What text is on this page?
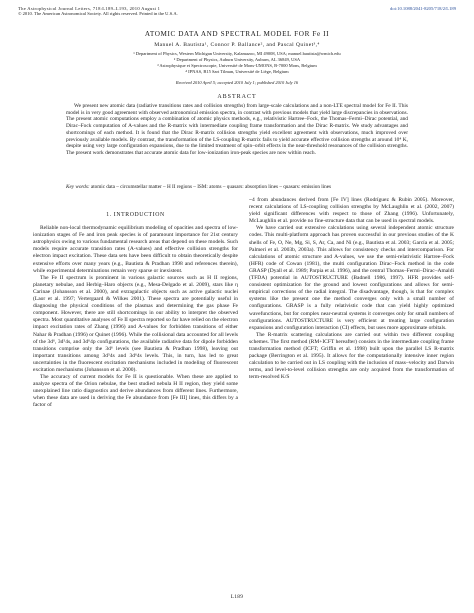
The Astrophysical Journal Letters, 718:L189–L193, 2010 August 1
© 2010. The American Astronomical Society. All rights reserved. Printed in the U.S.A.
doi:10.1088/2041-8205/718/2/L189
ATOMIC DATA AND SPECTRAL MODEL FOR Fe II
Manuel A. Bautista¹, Connor P. Ballance², and Pascal Quinet³,⁴
¹ Department of Physics, Western Michigan University, Kalamazoo, MI 49008, USA; manuel.bautista@wmich.edu
² Department of Physics, Auburn University, Auburn, AL 36849, USA
³ Astrophysique et Spectroscopie, Université de Mons-UMONS, B-7000 Mons, Belgium
⁴ IPNAS, B15 Sart Tilman, Université de Liège, Belgium
Received 2010 April 5; accepted 2010 July 1; published 2010 July 16
ABSTRACT
We present new atomic data (radiative transitions rates and collision strengths) from large-scale calculations and a non-LTE spectral model for Fe II. This model is in very good agreement with observed astronomical emission spectra, in contrast with previous models that yield large discrepancies in observations. The present atomic computations employ a combination of atomic physics methods, e.g., relativistic Hartree–Fock, the Thomas–Fermi–Dirac potential, and Dirac–Fock computation of A-values and the R-matrix with intermediate coupling frame transformation and the Dirac R-matrix. We study advantages and shortcomings of each method. It is found that the Dirac R-matrix collision strengths yield excellent agreement with observations, much improved over previously available models. By contrast, the transformation of the LS-coupling R-matrix fails to yield accurate effective collision strengths at around 10⁴ K, despite using very large configuration expansions, due to the limited treatment of spin–orbit effects in the near-threshold resonances of the collision strengths. The present work demonstrates that accurate atomic data for low-ionization iron-peak species are now within reach.
Key words: atomic data – circumstellar matter – H II regions – ISM: atoms – quasars: absorption lines – quasars: emission lines
1. INTRODUCTION

Reliable non-local thermodynamic equilibrium modeling of opacities and spectra of low-ionization stages of Fe and iron peak species is of paramount importance for 21st century astrophysics owing to various fundamental research areas that depend on these models. Such models require accurate transition rates (A-values) and effective collision strengths for electron impact excitation. These data sets have been difficult to obtain theoretically despite extensive efforts over many years (e.g., Bautista & Pradhan 1998 and references therein), while experimental determinations remain very sparse or inexistent.

The Fe II spectrum is prominent in various galactic sources such as H II regions, planetary nebulae, and Herbig–Haro objects (e.g., Mesa-Delgado et al. 2009), stars like η Carinae (Johansson et al. 2000), and extragalactic objects such as active galactic nuclei (Laor et al. 1997; Vertergaard & Wilkes 2001). These spectra are potentially useful in diagnosing the physical conditions of the plasmas and determining the gas phase Fe component. However, there are still shortcomings in our ability to interpret the observed spectra. Most quantitative analyses of Fe II spectra reported so far have relied on the electron impact excitation rates of Zhang (1996) and A-values for forbidden transitions of either Nahar & Pradhan (1996) or Quinet (1996). While the collisional data accounted for all levels of the 3d⁶, 3d⁵4s, and 3d⁶4p configurations, the available radiative data for dipole forbidden transitions comprise only the 3d⁶ levels (see Bautista & Pradhan 1998), leaving out important transitions among 3d⁵4s and 3d⁶4s levels. This, in turn, has led to great uncertainties in the fluorescent excitation mechanisms included in modeling of fluorescent excitation mechanisms (Johansson et al. 2000).

The accuracy of current models for Fe II is questionable. When these are applied to analyze spectra of the Orion nebulae, the best studied nebula H II region, they yield some unexplained line ratio diagnostics and derive abundances from different lines. Furthermore, when these data are used in deriving the Fe abundance from [Fe III] lines, this differs by a factor of

~4 from abundances derived from [Fe IV] lines (Rodríguez & Rubin 2005). Moreover, recent calculations of LS-coupling collision strengths by McLaughlin et al. (2002, 2007) yield significant differences with respect to those of Zhang (1996). Unfortunately, McLaughlin et al. provide no fine-structure data that can be used in spectral models.

We have carried out extensive calculations using several independent atomic structure codes. This multi-platform approach has proven successful in our previous studies of the K shells of Fe, O, Ne, Mg, Si, S, Ar, Ca, and Ni (e.g., Bautista et al. 2003; García et al. 2005; Palmeri et al. 2003b, 2003a). This allows for consistency checks and intercomparison. For calculations of atomic structure and A-values, we use the semi-relativistic Hartree–Fock (HFR) code of Cowan (1981), the multi configuration Dirac–Fock method in the code GRASP (Dyall et al. 1989; Parpia et al. 1996), and the central Thomas–Fermi–Dirac–Amaldi (TFDA) potential in AUTOSTRUCTURE (Badnell 1986, 1997). HFR provides self-consistent optimization for the ground and lowest configurations and allows for semi-empirical corrections of the radial integral. The disadvantage, though, is that for complex systems like the present one the method converges only with a small number of configurations. GRASP is a fully relativistic code that can yield highly optimized wavefunctions, but for complex near-neutral systems it converges only for small numbers of configurations. AUTOSTRUCTURE is very efficient at treating large configuration expansions and configuration interaction (CI) effects, but uses more approximate orbitals.

The R-matrix scattering calculations are carried out within two different coupling schemes. The first method (RM+ICFT hereafter) consists in the intermediate coupling frame transformation method (ICFT; Griffin et al. 1998) built upon the parallel LS R-matrix package (Berrington et al. 1995). It allows for the computationally intensive inner region calculation to be carried out in LS coupling with the inclusion of mass–velocity and Darwin terms, and level-to-level collision strengths are only acquired from the transformation of term-resolved K/S

L189
